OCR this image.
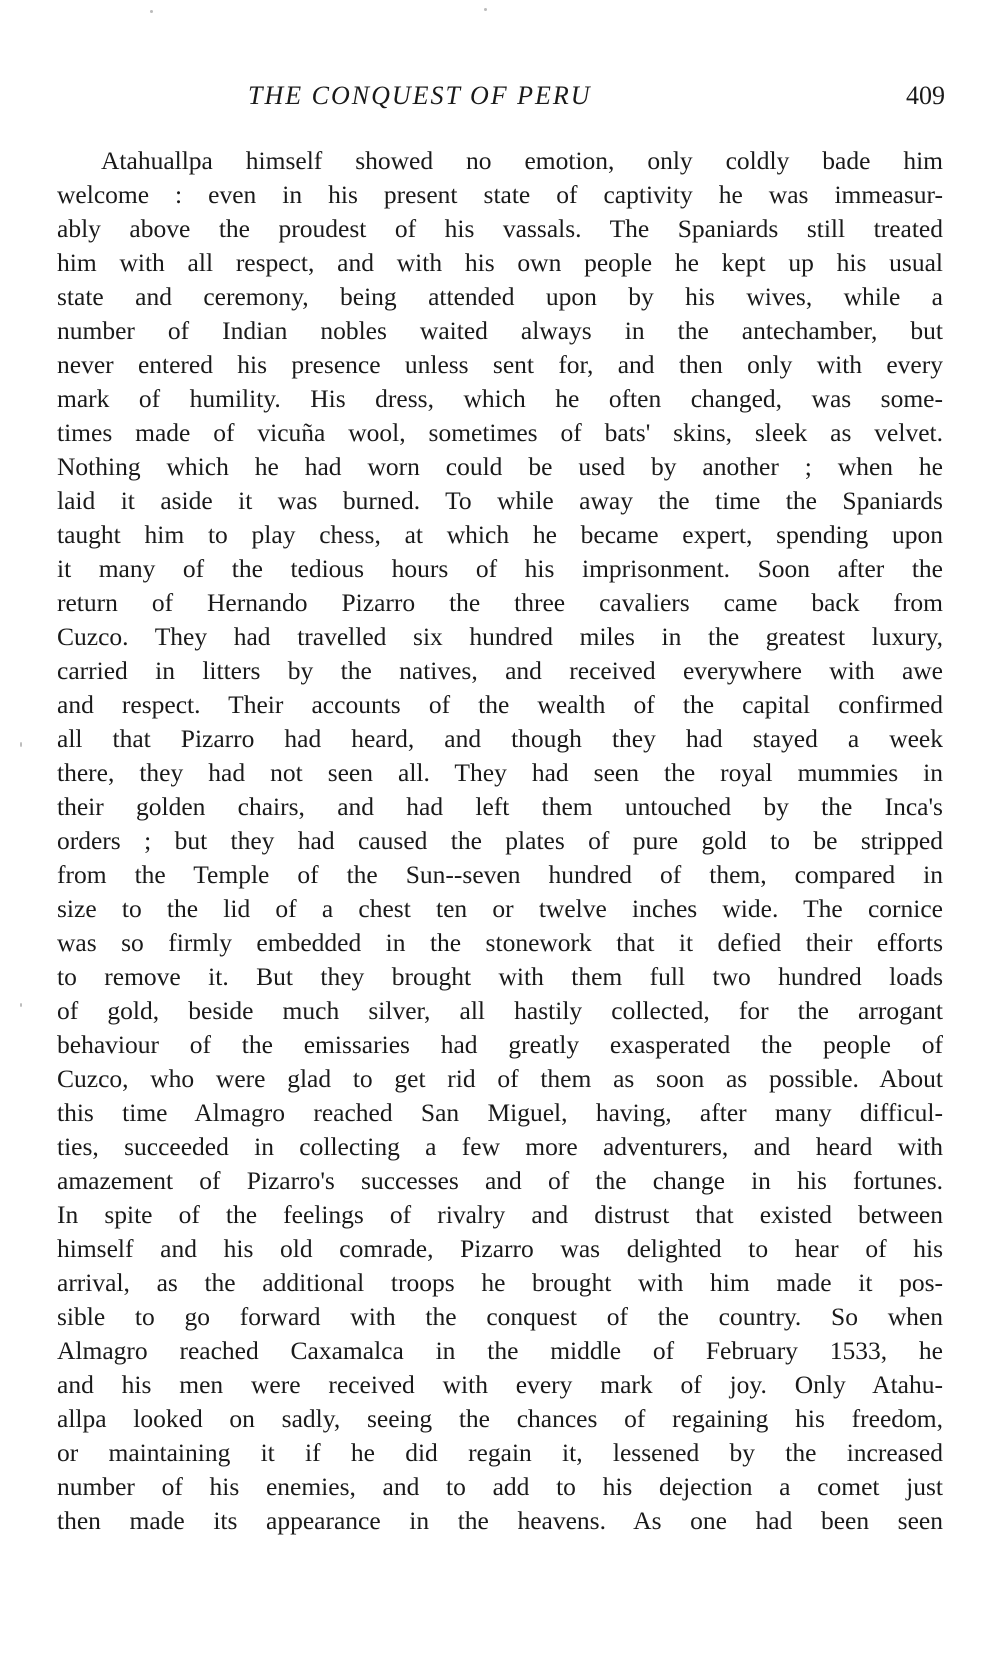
THE CONQUEST OF PERU	409
Atahuallpa himself showed no emotion, only coldly bade him
welcome : even in his present state of captivity he was immeasur-
ably above the proudest of his vassals. The Spaniards still treated
him with all respect, and with his own people he kept up his usual
state and ceremony, being attended upon by his wives, while a
number of Indian nobles waited always in the antechamber, but
never entered his presence unless sent for, and then only with every
mark of humility. His dress, which he often changed, was some-
times made of vicuña wool, sometimes of bats' skins, sleek as velvet.
Nothing which he had worn could be used by another ; when he
laid it aside it was burned. To while away the time the Spaniards
taught him to play chess, at which he became expert, spending upon
it many of the tedious hours of his imprisonment. Soon after the
return of Hernando Pizarro the three cavaliers came back from
Cuzco. They had travelled six hundred miles in the greatest luxury,
carried in litters by the natives, and received everywhere with awe
and respect. Their accounts of the wealth of the capital confirmed
all that Pizarro had heard, and though they had stayed a week
there, they had not seen all. They had seen the royal mummies in
their golden chairs, and had left them untouched by the Inca's
orders ; but they had caused the plates of pure gold to be stripped
from the Temple of the Sun--seven hundred of them, compared in
size to the lid of a chest ten or twelve inches wide. The cornice
was so firmly embedded in the stonework that it defied their efforts
to remove it. But they brought with them full two hundred loads
of gold, beside much silver, all hastily collected, for the arrogant
behaviour of the emissaries had greatly exasperated the people of
Cuzco, who were glad to get rid of them as soon as possible. About
this time Almagro reached San Miguel, having, after many difficul-
ties, succeeded in collecting a few more adventurers, and heard with
amazement of Pizarro's successes and of the change in his fortunes.
In spite of the feelings of rivalry and distrust that existed between
himself and his old comrade, Pizarro was delighted to hear of his
arrival, as the additional troops he brought with him made it pos-
sible to go forward with the conquest of the country. So when
Almagro reached Caxamalca in the middle of February 1533, he
and his men were received with every mark of joy. Only Atahu-
allpa looked on sadly, seeing the chances of regaining his freedom,
or maintaining it if he did regain it, lessened by the increased
number of his enemies, and to add to his dejection a comet just
then made its appearance in the heavens. As one had been seen
